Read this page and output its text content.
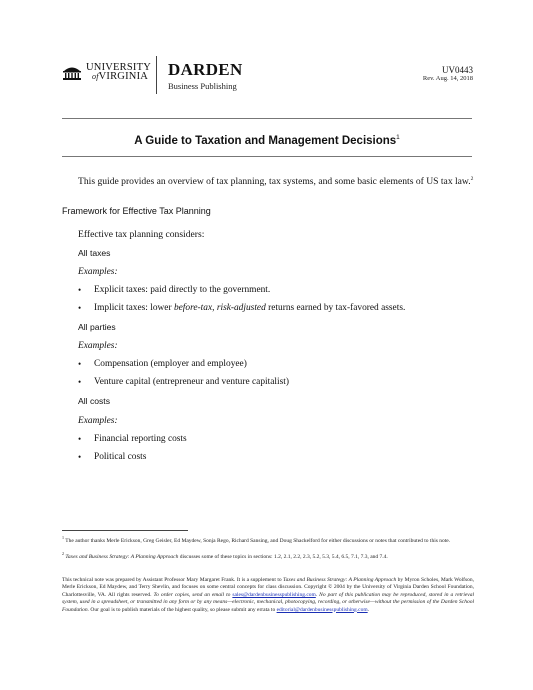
UNIVERSITY
ofVIRGINIA DARDEN
Business Publishing
UV0443
Rev. Aug. 14, 2018
A Guide to Taxation and Management Decisions$^1$
This guide provides an overview of tax planning, tax systems, and some basic elements of US tax law.$^2$
Framework for Effective Tax Planning
Effective tax planning considers:
All taxes
Examples:
•	Explicit taxes: paid directly to the government.
•	Implicit taxes: lower before-tax, risk-adjusted returns earned by tax-favored assets.
All parties
Examples:
•	Compensation (employer and employee)
•	Venture capital (entrepreneur and venture capitalist)
All costs
Examples:
•	Financial reporting costs
•	Political costs
$^1$ The author thanks Merle Erickson, Greg Geisler, Ed Maydew, Sonja Rego, Richard Sansing, and Doug Shackelford for either discussions or notes that contributed to this note.
$^2$ Taxes and Business Strategy: A Planning Approach discusses some of these topics in sections: 1.2, 2.1, 2.2, 2.3, 5.2, 5.3, 5.4, 6.5, 7.1, 7.3, and 7.4.
This technical note was prepared by Assistant Professor Mary Margaret Frank. It is a supplement to Taxes and Business Strategy: A Planning Approach by Myron Scholes, Mark Wolfson, Merle Erickson, Ed Maydew, and Terry Shevlin, and focuses on some central concepts for class discussion. Copyright © 2004 by the University of Virginia Darden School Foundation, Charlottesville, VA. All rights reserved. To order copies, send an email to sales@dardenbusinesspublishing.com. No part of this publication may be reproduced, stored in a retrieval system, used in a spreadsheet, or transmitted in any form or by any means—electronic, mechanical, photocopying, recording, or otherwise—without the permission of the Darden School Foundation. Our goal is to publish materials of the highest quality, so please submit any errata to editorial@dardenbusinesspublishing.com.
